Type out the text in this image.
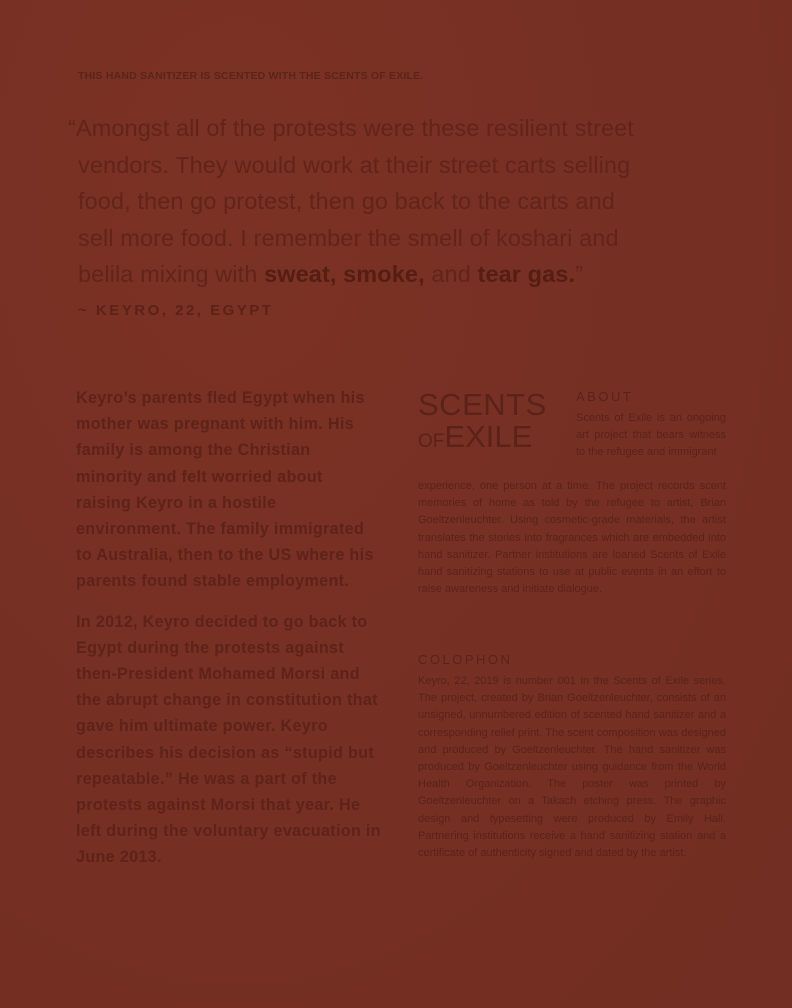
THIS HAND SANITIZER IS SCENTED WITH THE SCENTS OF EXILE.

“Amongst all of the protests were these resilient street
vendors. They would work at their street carts selling
food, then go protest, then go back to the carts and
sell more food. I remember the smell of koshari and
belila mixing with sweat, smoke, and tear gas.”

~ KEYRO, 22, EGYPT

Keyro’s parents fled Egypt when his mother was pregnant with him. His family is among the Christian minority and felt worried about raising Keyro in a hostile environment. The family immigrated to Australia, then to the US where his parents found stable employment.

In 2012, Keyro decided to go back to Egypt during the protests against then-President Mohamed Morsi and the abrupt change in constitution that gave him ultimate power. Keyro describes his decision as “stupid but repeatable.” He was a part of the protests against Morsi that year. He left during the voluntary evacuation in June 2013.

SCENTS
OFEXILE
ABOUT
Scents of Exile is an ongoing art project that bears witness to the refugee and immigrant
experience, one person at a time. The project records scent memories of home as told by the refugee to artist, Brian Goeltzenleuchter. Using cosmetic-grade materials, the artist translates the stories into fragrances which are embedded into hand sanitizer. Partner institutions are loaned Scents of Exile hand sanitizing stations to use at public events in an effort to raise awareness and initiate dialogue.
COLOPHON
Keyro, 22, 2019 is number 001 in the Scents of Exile series. The project, created by Brian Goeltzenleuchter, consists of an unsigned, unnumbered edition of scented hand sanitizer and a corresponding relief print. The scent composition was designed and produced by Goeltzenleuchter. The hand sanitizer was produced by Goeltzenleuchter using guidance from the World Health Organization. The poster was printed by Goeltzenleuchter on a Takach etching press. The graphic design and typesetting were produced by Emily Hall. Partnering institutions receive a hand sanitizing station and a certificate of authenticity signed and dated by the artist.
